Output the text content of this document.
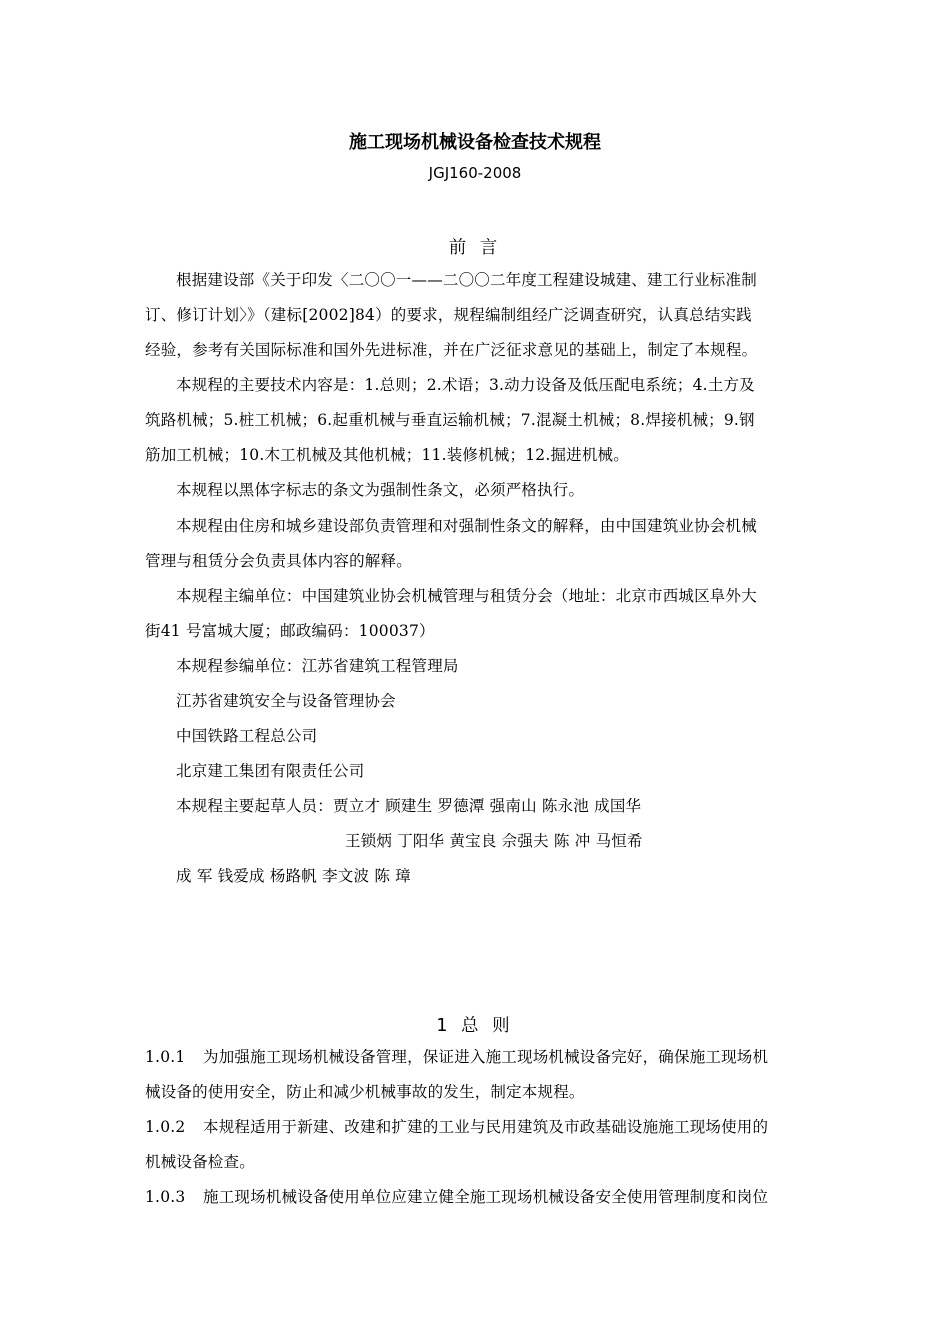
施工现场机械设备检查技术规程
JGJ160-2008
前 言
根据建设部《关于印发〈二〇〇一——二〇〇二年度工程建设城建、建工行业标准制
订、修订计划〉》（建标[2002]84）的要求，规程编制组经广泛调查研究，认真总结实践
经验，参考有关国际标准和国外先进标准，并在广泛征求意见的基础上，制定了本规程。
本规程的主要技术内容是：1.总则；2.术语；3.动力设备及低压配电系统；4.土方及
筑路机械；5.桩工机械；6.起重机械与垂直运输机械；7.混凝土机械；8.焊接机械；9.钢
筋加工机械；10.木工机械及其他机械；11.装修机械；12.掘进机械。
本规程以黑体字标志的条文为强制性条文，必须严格执行。
本规程由住房和城乡建设部负责管理和对强制性条文的解释，由中国建筑业协会机械
管理与租赁分会负责具体内容的解释。
本规程主编单位：中国建筑业协会机械管理与租赁分会（地址：北京市西城区阜外大
街41 号富城大厦；邮政编码：100037）
本规程参编单位：江苏省建筑工程管理局
江苏省建筑安全与设备管理协会
中国铁路工程总公司
北京建工集团有限责任公司
本规程主要起草人员：贾立才 顾建生 罗德潭 强南山 陈永池 成国华
王锁炳 丁阳华 黄宝良 佘强夫 陈 冲 马恒希
成 军 钱爱成 杨路帆 李文波 陈 璋
1 总 则
1.0.1 为加强施工现场机械设备管理，保证进入施工现场机械设备完好，确保施工现场机
械设备的使用安全，防止和减少机械事故的发生，制定本规程。
1.0.2 本规程适用于新建、改建和扩建的工业与民用建筑及市政基础设施施工现场使用的
机械设备检查。
1.0.3 施工现场机械设备使用单位应建立健全施工现场机械设备安全使用管理制度和岗位
